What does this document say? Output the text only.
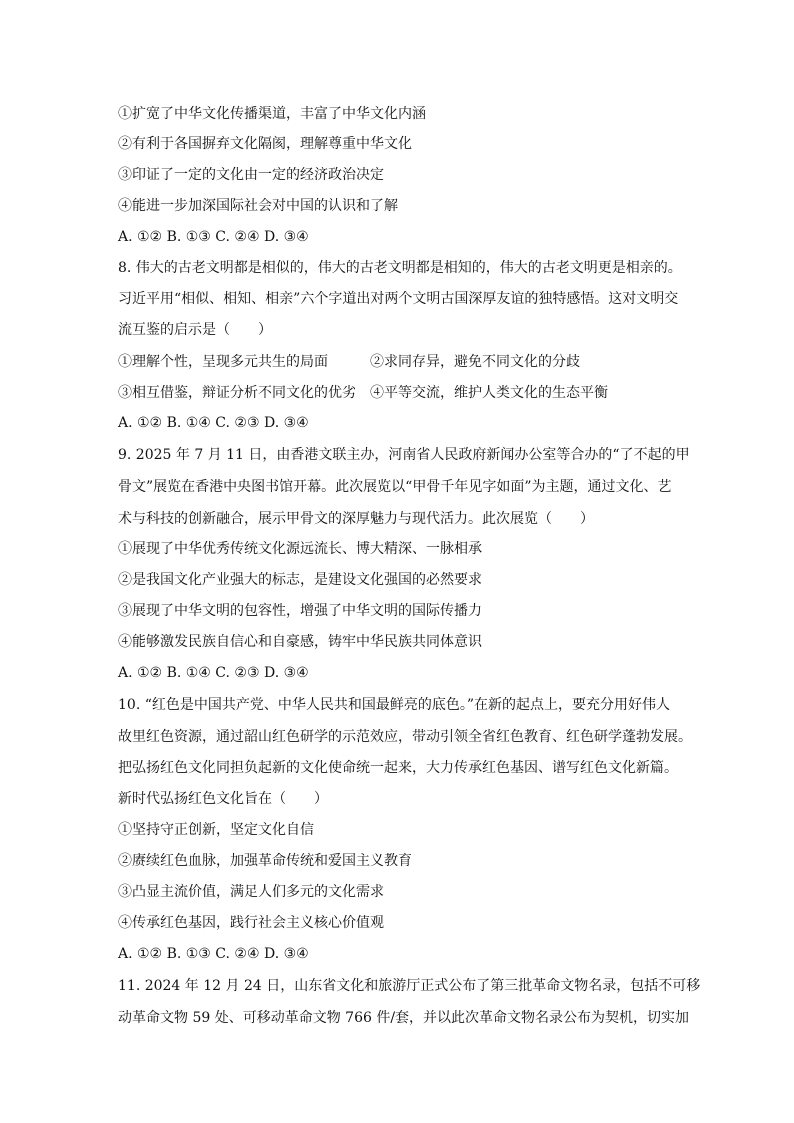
①扩宽了中华文化传播渠道，丰富了中华文化内涵
②有利于各国摒弃文化隔阂，理解尊重中华文化
③印证了一定的文化由一定的经济政治决定
④能进一步加深国际社会对中国的认识和了解
A. ①② B. ①③ C. ②④ D. ③④
8. 伟大的古老文明都是相似的，伟大的古老文明都是相知的，伟大的古老文明更是相亲的。
习近平用“相似、相知、相亲”六个字道出对两个文明古国深厚友谊的独特感悟。这对文明交
流互鉴的启示是（　　）
①理解个性，呈现多元共生的局面　　　②求同存异，避免不同文化的分歧
③相互借鉴，辩证分析不同文化的优劣　④平等交流，维护人类文化的生态平衡
A. ①② B. ①④ C. ②③ D. ③④
9. 2025 年 7 月 11 日，由香港文联主办，河南省人民政府新闻办公室等合办的“了不起的甲
骨文”展览在香港中央图书馆开幕。此次展览以“甲骨千年见字如面”为主题，通过文化、艺
术与科技的创新融合，展示甲骨文的深厚魅力与现代活力。此次展览（　　）
①展现了中华优秀传统文化源远流长、博大精深、一脉相承
②是我国文化产业强大的标志，是建设文化强国的必然要求
③展现了中华文明的包容性，增强了中华文明的国际传播力
④能够激发民族自信心和自豪感，铸牢中华民族共同体意识
A. ①② B. ①④ C. ②③ D. ③④
10. “红色是中国共产党、中华人民共和国最鲜亮的底色。”在新的起点上，要充分用好伟人
故里红色资源，通过韶山红色研学的示范效应，带动引领全省红色教育、红色研学蓬勃发展。
把弘扬红色文化同担负起新的文化使命统一起来，大力传承红色基因、谱写红色文化新篇。
新时代弘扬红色文化旨在（　　）
①坚持守正创新，坚定文化自信
②赓续红色血脉，加强革命传统和爱国主义教育
③凸显主流价值，满足人们多元的文化需求
④传承红色基因，践行社会主义核心价值观
A. ①② B. ①③ C. ②④ D. ③④
11. 2024 年 12 月 24 日，山东省文化和旅游厅正式公布了第三批革命文物名录，包括不可移
动革命文物 59 处、可移动革命文物 766 件/套，并以此次革命文物名录公布为契机，切实加
